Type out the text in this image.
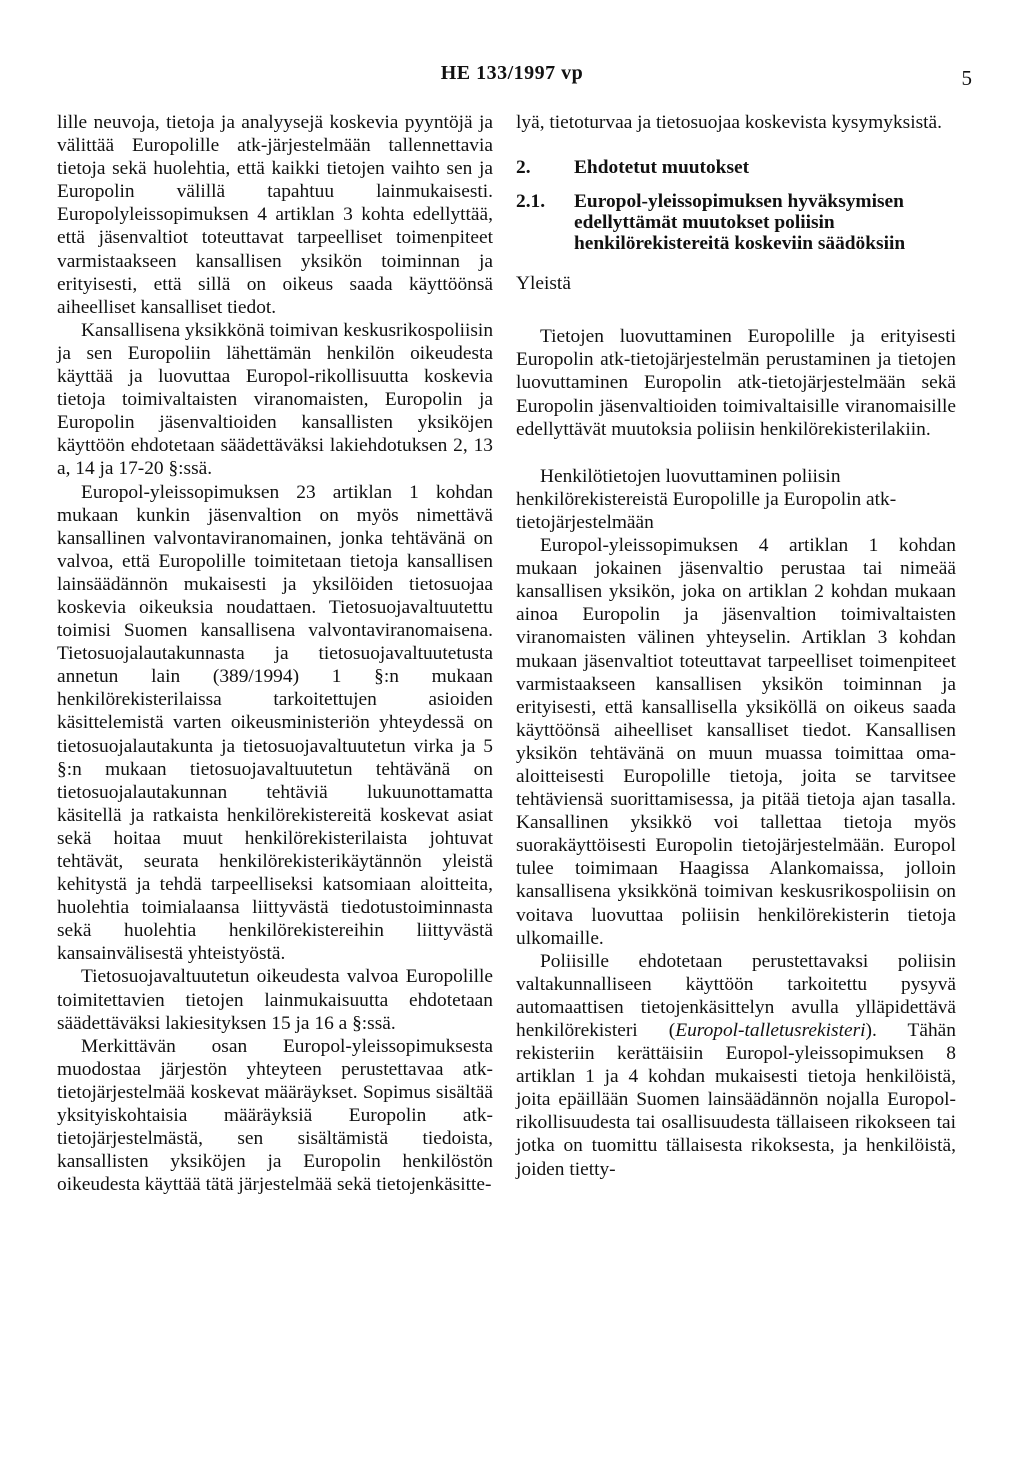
HE 133/1997 vp	5

lille neuvoja, tietoja ja analyysejä koskevia pyyntöjä ja välittää Europolille atk-järjestelmään tallennettavia tietoja sekä huolehtia, että kaikki tietojen vaihto sen ja Europolin välillä tapahtuu lainmukaisesti. Europolyleissopimuksen 4 artiklan 3 kohta edellyttää, että jäsenvaltiot toteuttavat tarpeelliset toimenpiteet varmistaakseen kansallisen yksikön toiminnan ja erityisesti, että sillä on oikeus saada käyttöönsä aiheelliset kansalliset tiedot.

Kansallisena yksikkönä toimivan keskusrikospoliisin ja sen Europoliin lähettämän henkilön oikeudesta käyttää ja luovuttaa Europol-rikollisuutta koskevia tietoja toimivaltaisten viranomaisten, Europolin ja Europolin jäsenvaltioiden kansallisten yksiköjen käyttöön ehdotetaan säädettäväksi lakiehdotuksen 2, 13 a, 14 ja 17-20 §:ssä.

Europol-yleissopimuksen 23 artiklan 1 kohdan mukaan kunkin jäsenvaltion on myös nimettävä kansallinen valvontaviranomainen, jonka tehtävänä on valvoa, että Europolille toimitetaan tietoja kansallisen lainsäädännön mukaisesti ja yksilöiden tietosuojaa koskevia oikeuksia noudattaen. Tietosuojavaltuutettu toimisi Suomen kansallisena valvontaviranomaisena. Tietosuojalautakunnasta ja tietosuojavaltuutetusta annetun lain (389/1994) 1 §:n mukaan henkilörekisterilaissa tarkoitettujen asioiden käsittelemistä varten oikeusministeriön yhteydessä on tietosuojalautakunta ja tietosuojavaltuutetun virka ja 5 §:n mukaan tietosuojavaltuutetun tehtävänä on tietosuojalautakunnan tehtäviä lukuunottamatta käsitellä ja ratkaista henkilörekistereitä koskevat asiat sekä hoitaa muut henkilörekisterilaista johtuvat tehtävät, seurata henkilörekisterikäytännön yleistä kehitystä ja tehdä tarpeelliseksi katsomiaan aloitteita, huolehtia toimialaansa liittyvästä tiedotustoiminnasta sekä huolehtia henkilörekistereihin liittyvästä kansainvälisestä yhteistyöstä.

Tietosuojavaltuutetun oikeudesta valvoa Europolille toimitettavien tietojen lainmukaisuutta ehdotetaan säädettäväksi lakiesityksen 15 ja 16 a §:ssä.

Merkittävän osan Europol-yleissopimuksesta muodostaa järjestön yhteyteen perustettavaa atk-tietojärjestelmää koskevat määräykset. Sopimus sisältää yksityiskohtaisia määräyksiä Europolin atk-tietojärjestelmästä, sen sisältämistä tiedoista, kansallisten yksiköjen ja Europolin henkilöstön oikeudesta käyttää tätä järjestelmää sekä tietojenkäsitte-

lyä, tietoturvaa ja tietosuojaa koskevista kysymyksistä.

2.	Ehdotetut muutokset
2.1.	Europol-yleissopimuksen hyväksymisen edellyttämät muutokset poliisin henkilörekistereitä koskeviin säädöksiin
Yleistä

Tietojen luovuttaminen Europolille ja erityisesti Europolin atk-tietojärjestelmän perustaminen ja tietojen luovuttaminen Europolin atk-tietojärjestelmään sekä Europolin jäsenvaltioiden toimivaltaisille viranomaisille edellyttävät muutoksia poliisin henkilörekisterilakiin.

Henkilötietojen luovuttaminen poliisin henkilörekistereistä Europolille ja Europolin atk-tietojärjestelmään

Europol-yleissopimuksen 4 artiklan 1 kohdan mukaan jokainen jäsenvaltio perustaa tai nimeää kansallisen yksikön, joka on artiklan 2 kohdan mukaan ainoa Europolin ja jäsenvaltion toimivaltaisten viranomaisten välinen yhteyselin. Artiklan 3 kohdan mukaan jäsenvaltiot toteuttavat tarpeelliset toimenpiteet varmistaakseen kansallisen yksikön toiminnan ja erityisesti, että kansallisella yksiköllä on oikeus saada käyttöönsä aiheelliset kansalliset tiedot. Kansallisen yksikön tehtävänä on muun muassa toimittaa oma-aloitteisesti Europolille tietoja, joita se tarvitsee tehtäviensä suorittamisessa, ja pitää tietoja ajan tasalla. Kansallinen yksikkö voi tallettaa tietoja myös suorakäyttöisesti Europolin tietojärjestelmään. Europol tulee toimimaan Haagissa Alankomaissa, jolloin kansallisena yksikkönä toimivan keskusrikospoliisin on voitava luovuttaa poliisin henkilörekisterin tietoja ulkomaille.

Poliisille ehdotetaan perustettavaksi poliisin valtakunnalliseen käyttöön tarkoitettu pysyvä automaattisen tietojenkäsittelyn avulla ylläpidettävä henkilörekisteri (Europol-talletusrekisteri). Tähän rekisteriin kerättäisiin Europol-yleissopimuksen 8 artiklan 1 ja 4 kohdan mukaisesti tietoja henkilöistä, joita epäillään Suomen lainsäädännön nojalla Europol-rikollisuudesta tai osallisuudesta tällaiseen rikokseen tai jotka on tuomittu tällaisesta rikoksesta, ja henkilöistä, joiden tietty-
